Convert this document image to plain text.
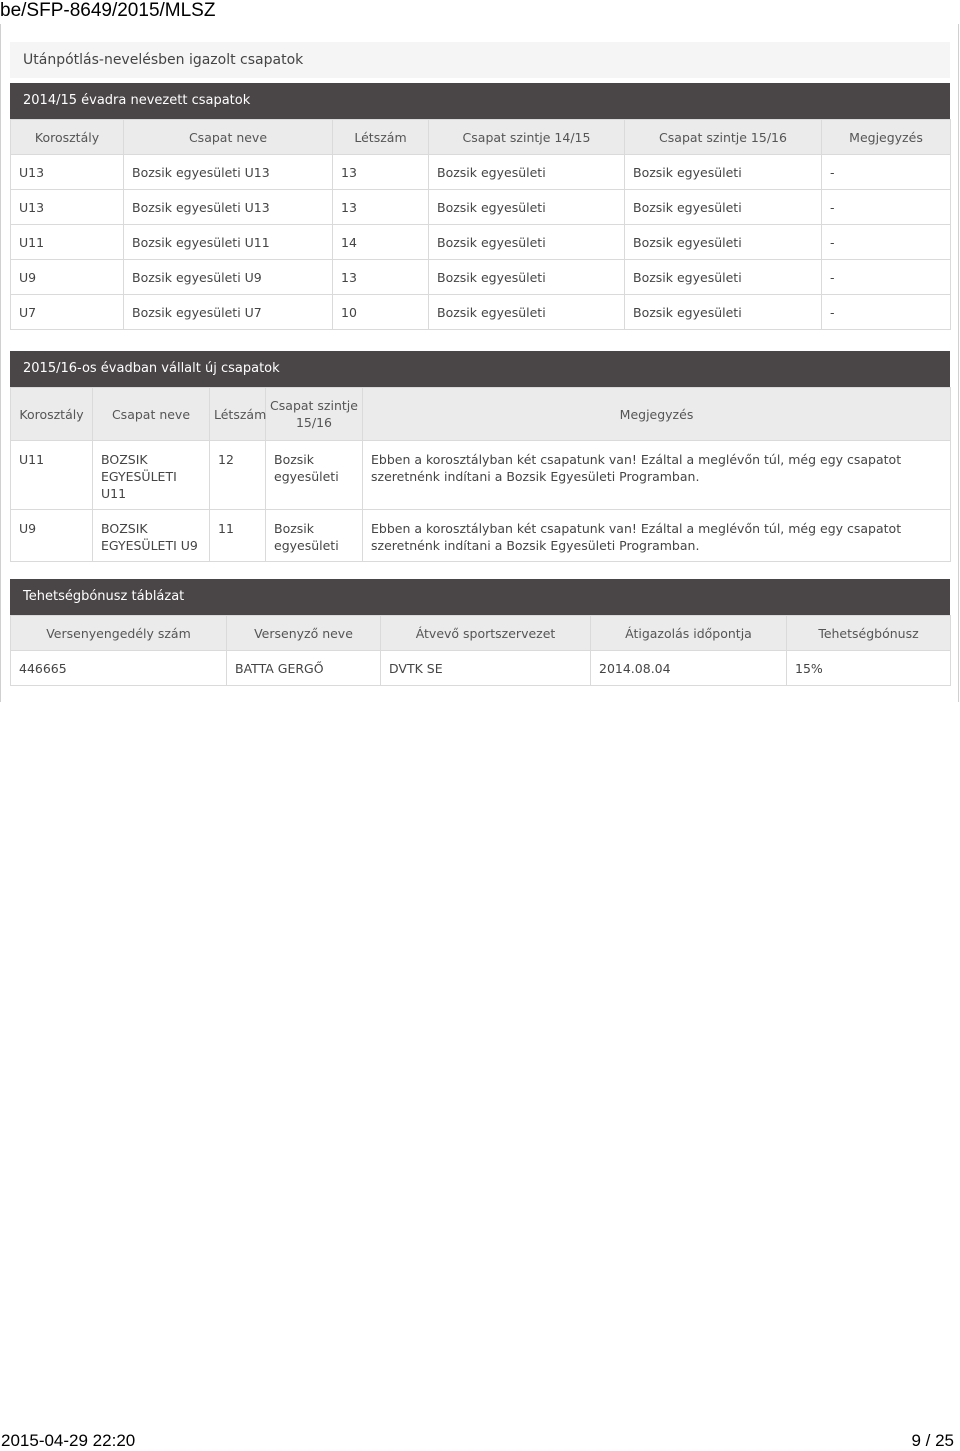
be/SFP-8649/2015/MLSZ
Utánpótlás-nevelésben igazolt csapatok
2014/15 évadra nevezett csapatok
Korosztály	Csapat neve	Létszám	Csapat szintje 14/15	Csapat szintje 15/16	Megjegyzés
U13	Bozsik egyesületi U13	13	Bozsik egyesületi	Bozsik egyesületi	-
U13	Bozsik egyesületi U13	13	Bozsik egyesületi	Bozsik egyesületi	-
U11	Bozsik egyesületi U11	14	Bozsik egyesületi	Bozsik egyesületi	-
U9	Bozsik egyesületi U9	13	Bozsik egyesületi	Bozsik egyesületi	-
U7	Bozsik egyesületi U7	10	Bozsik egyesületi	Bozsik egyesületi	-
2015/16-os évadban vállalt új csapatok
Korosztály	Csapat neve	Létszám	Csapat szintje 15/16	Megjegyzés
U11	BOZSIK EGYESÜLETI U11	12	Bozsik egyesületi	Ebben a korosztályban két csapatunk van! Ezáltal a meglévőn túl, még egy csapatot szeretnénk indítani a Bozsik Egyesületi Programban.
U9	BOZSIK EGYESÜLETI U9	11	Bozsik egyesületi	Ebben a korosztályban két csapatunk van! Ezáltal a meglévőn túl, még egy csapatot szeretnénk indítani a Bozsik Egyesületi Programban.
Tehetségbónusz táblázat
Versenyengedély szám	Versenyző neve	Átvevő sportszervezet	Átigazolás időpontja	Tehetségbónusz
446665	BATTA GERGŐ	DVTK SE	2014.08.04	15%
2015-04-29 22:20	9 / 25
